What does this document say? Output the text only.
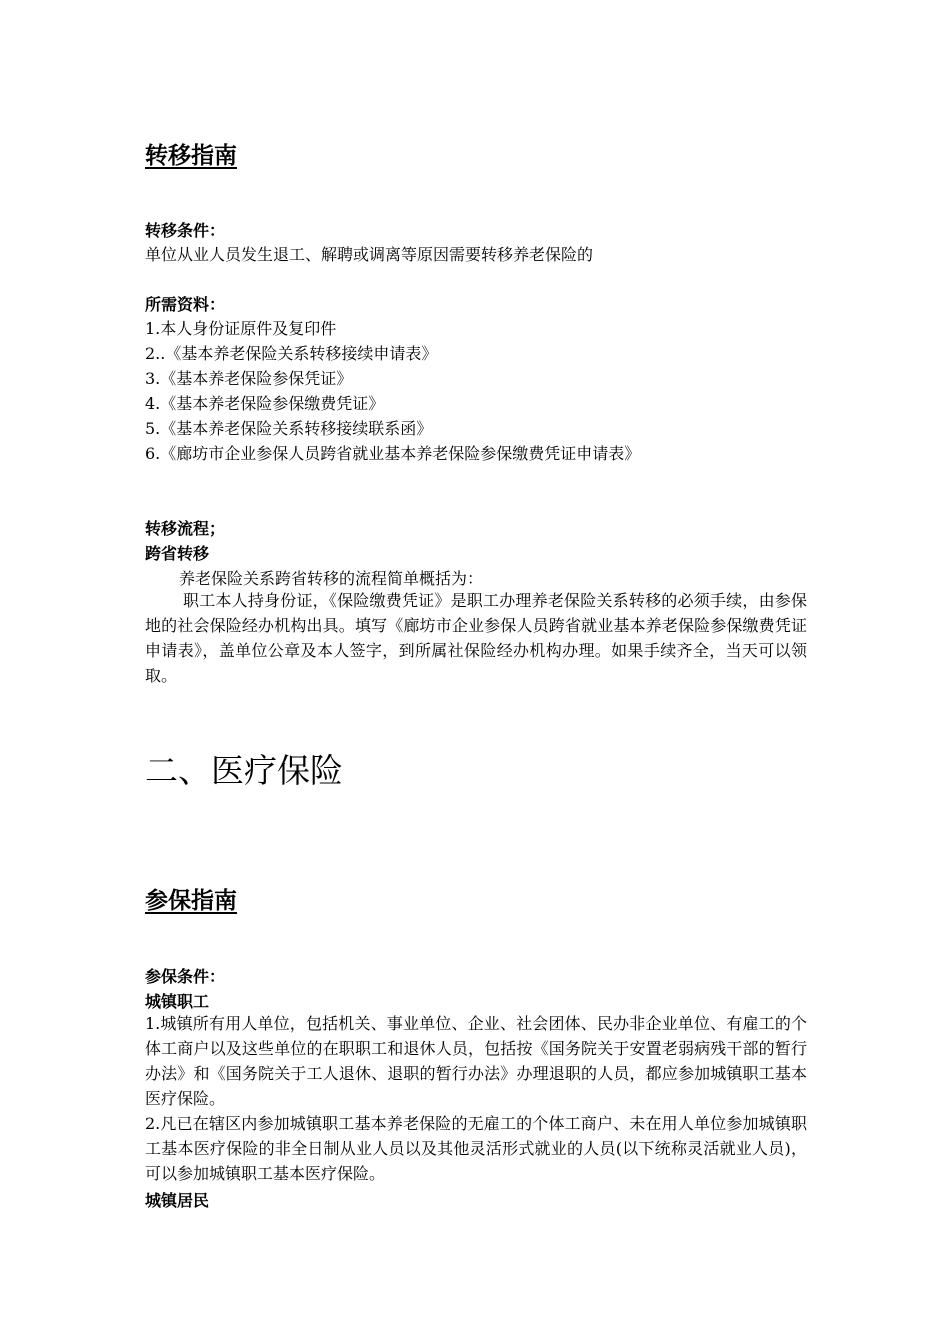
转移指南
转移条件：
单位从业人员发生退工、解聘或调离等原因需要转移养老保险的
所需资料：
1.本人身份证原件及复印件
2..《基本养老保险关系转移接续申请表》
3.《基本养老保险参保凭证》
4.《基本养老保险参保缴费凭证》
5.《基本养老保险关系转移接续联系函》
6.《廊坊市企业参保人员跨省就业基本养老保险参保缴费凭证申请表》
转移流程；
跨省转移
养老保险关系跨省转移的流程简单概括为：
职工本人持身份证，《保险缴费凭证》是职工办理养老保险关系转移的必须手续，由参保地的社会保险经办机构出具。填写《廊坊市企业参保人员跨省就业基本养老保险参保缴费凭证申请表》，盖单位公章及本人签字，到所属社保险经办机构办理。如果手续齐全，当天可以领取。
二、医疗保险
参保指南
参保条件：
城镇职工
1.城镇所有用人单位，包括机关、事业单位、企业、社会团体、民办非企业单位、有雇工的个体工商户以及这些单位的在职职工和退休人员，包括按《国务院关于安置老弱病残干部的暂行办法》和《国务院关于工人退休、退职的暂行办法》办理退职的人员，都应参加城镇职工基本医疗保险。
2.凡已在辖区内参加城镇职工基本养老保险的无雇工的个体工商户、未在用人单位参加城镇职工基本医疗保险的非全日制从业人员以及其他灵活形式就业的人员(以下统称灵活就业人员)，可以参加城镇职工基本医疗保险。
城镇居民
